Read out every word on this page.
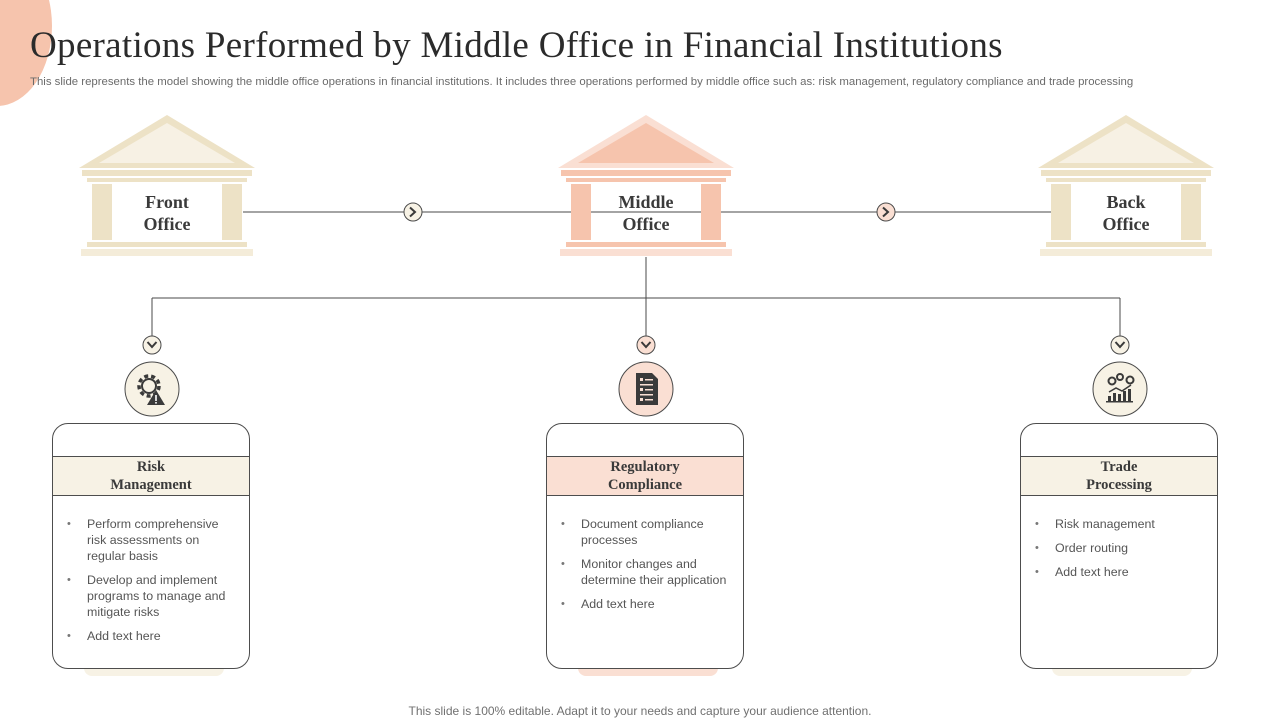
Operations Performed by Middle Office in Financial Institutions

This slide represents the model showing the middle office operations in financial institutions. It includes three operations performed by middle office such as: risk management, regulatory compliance and trade processing

Front
Office
Middle
Office
Back
Office
Risk
Management
• Perform comprehensive risk assessments on regular basis
• Develop and implement programs to manage and mitigate risks
• Add text here
Regulatory
Compliance
• Document compliance processes
• Monitor changes and determine their application
• Add text here
Trade
Processing
• Risk management
• Order routing
• Add text here

This slide is 100% editable. Adapt it to your needs and capture your audience attention.
